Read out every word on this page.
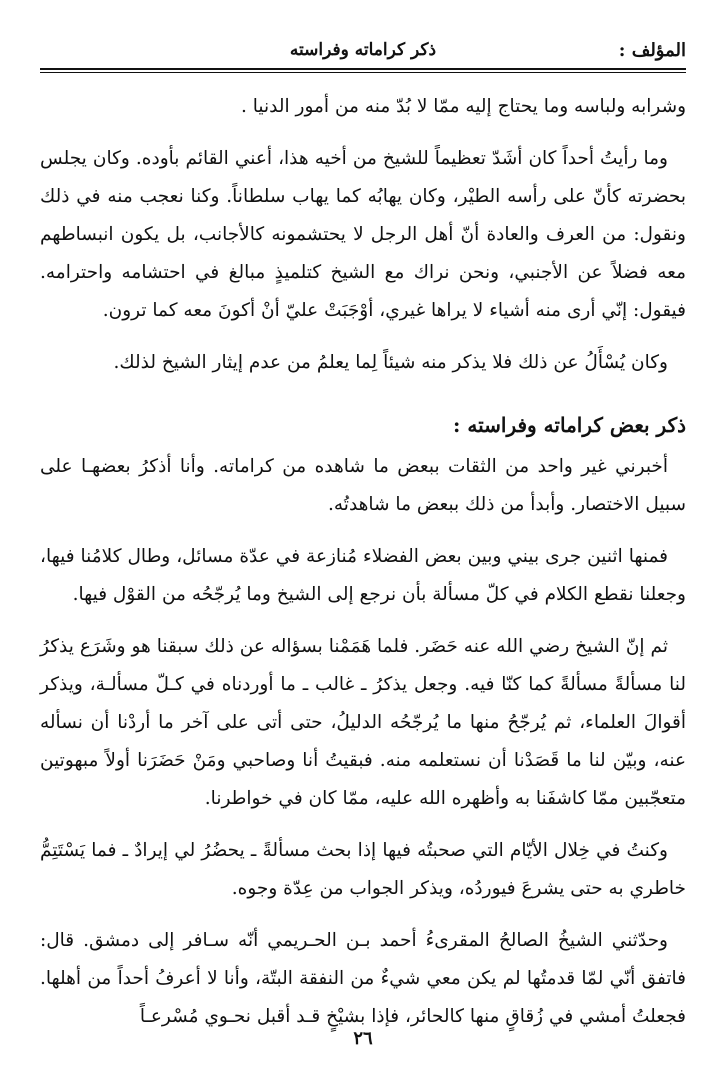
المؤلف :
ذكر كراماته وفراسته

وشرابه ولباسه وما يحتاج إليه ممّا لا بُدّ منه من أمور الدنيا .

وما رأيتُ أحداً كان أشَدّ تعظيماً للشيخ من أخيه هذا، أعني القائم بأوده. وكان يجلس بحضرته كأنّ على رأسه الطيْر، وكان يهابُه كما يهاب سلطاناً. وكنا نعجب منه في ذلك ونقول: من العرف والعادة أنّ أهل الرجل لا يحتشمونه كالأجانب، بل يكون انبساطهم معه فضلاً عن الأجنبي، ونحن نراك مع الشيخ كتلميذٍ مبالغ في احتشامه واحترامه. فيقول: إنّي أرى منه أشياء لا يراها غيري، أوْجَبَتْ عليّ أنْ أكونَ معه كما ترون.

وكان يُسْأَلُ عن ذلك فلا يذكر منه شيئاً لِما يعلمُ من عدم إيثار الشيخ لذلك.

ذكر بعض كراماته وفراسته :

أخبرني غير واحد من الثقات ببعض ما شاهده من كراماته. وأنا أذكرُ بعضهـا على سبيل الاختصار. وأبدأ من ذلك ببعض ما شاهدتُه.

فمنها اثنين جرى بيني وبين بعض الفضلاء مُنازعة في عدّة مسائل، وطال كلامُنا فيها، وجعلنا نقطع الكلام في كلّ مسألة بأن نرجع إلى الشيخ وما يُرجّحُه من القوْل فيها.

ثم إنّ الشيخ رضي الله عنه حَضَر. فلما هَمَمْنا بسؤاله عن ذلك سبقنا هو وشَرَع يذكرُ لنا مسألةً مسألةً كما كنّا فيه. وجعل يذكرُ ـ غالب ـ ما أوردناه في كـلّ مسألـة، ويذكر أقوالَ العلماء، ثم يُرجّحُ منها ما يُرجّحُه الدليلُ، حتى أتى على آخر ما أردْنا أن نسأله عنه، وبيّن لنا ما قَصَدْنا أن نستعلمه منه. فبقيتُ أنا وصاحبي ومَنْ حَضَرَنا أولاً مبهوتين متعجّبين ممّا كاشفَنا به وأظهره الله عليه، ممّا كان في خواطرنا.

وكنتُ في خِلال الأيّام التي صحبتُه فيها إذا بحث مسألةً ـ يحضُرُ لي إيرادٌ ـ فما يَسْتَتِمُّ خاطري به حتى يشرعَ فيوردُه، ويذكر الجواب من عِدّة وجوه.

وحدّثني الشيخُ الصالحُ المقرىءُ أحمد بـن الحـريمي أنّه سـافر إلى دمشق. قال: فاتفق أنّي لمّا قدمتُها لم يكن معي شيءٌ من النفقة البتّة، وأنا لا أعرفُ أحداً من أهلها. فجعلتُ أمشي في زُقاقٍ منها كالحائر، فإذا بشيْخٍ قـد أقبل نحـوي مُسْرعـاً

٢٦
